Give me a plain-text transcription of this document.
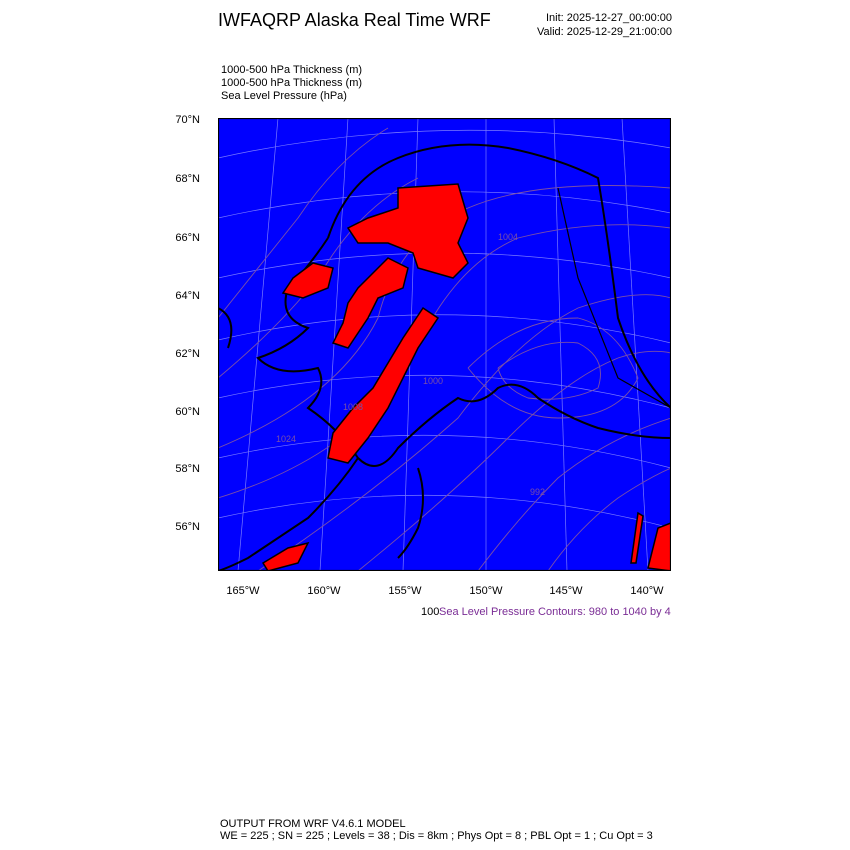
IWFAQRP Alaska Real Time WRF	Init: 2025-12-27_00:00:00
Valid: 2025-12-29_21:00:00
1000-500 hPa Thickness (m)
1000-500 hPa Thickness (m)
Sea Level Pressure (hPa)
1024
992
1004
1000
1008
70°N
68°N
66°N
64°N
62°N
60°N
58°N
56°N
165°W	160°W	155°W	150°W	145°W	140°W
100 Sea Level Pressure Contours: 980 to 1040 by 4
OUTPUT FROM WRF V4.6.1 MODEL
WE = 225 ; SN = 225 ; Levels = 38 ; Dis = 8km ; Phys Opt = 8 ; PBL Opt = 1 ; Cu Opt = 3
